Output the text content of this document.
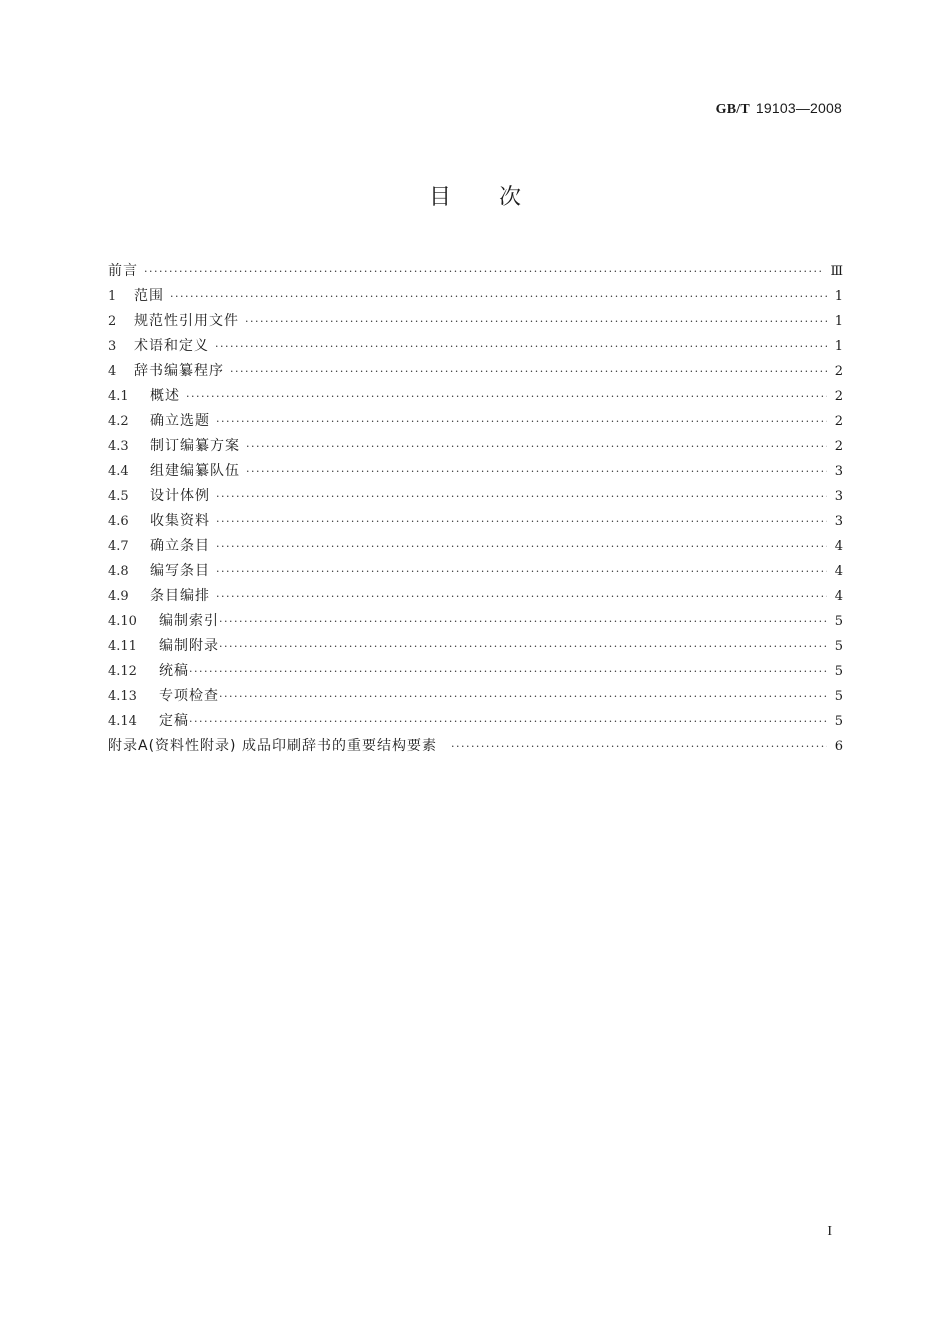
GB/T 19103—2008
目次
前言 ·····	Ⅲ
1	范围 ·····	1
2	规范性引用文件 ·····	1
3	术语和定义 ·····	1
4	辞书编纂程序 ·····	2
4.1	概述 ·····	2
4.2	确立选题 ·····	2
4.3	制订编纂方案 ·····	2
4.4	组建编纂队伍 ·····	3
4.5	设计体例 ·····	3
4.6	收集资料 ·····	3
4.7	确立条目 ·····	4
4.8	编写条目 ·····	4
4.9	条目编排 ·····	4
4.10	编制索引 ·····	5
4.11	编制附录 ·····	5
4.12	统稿 ·····	5
4.13	专项检查 ·····	5
4.14	定稿 ·····	5
附录A(资料性附录) 成品印刷辞书的重要结构要素 ·····	6
I
